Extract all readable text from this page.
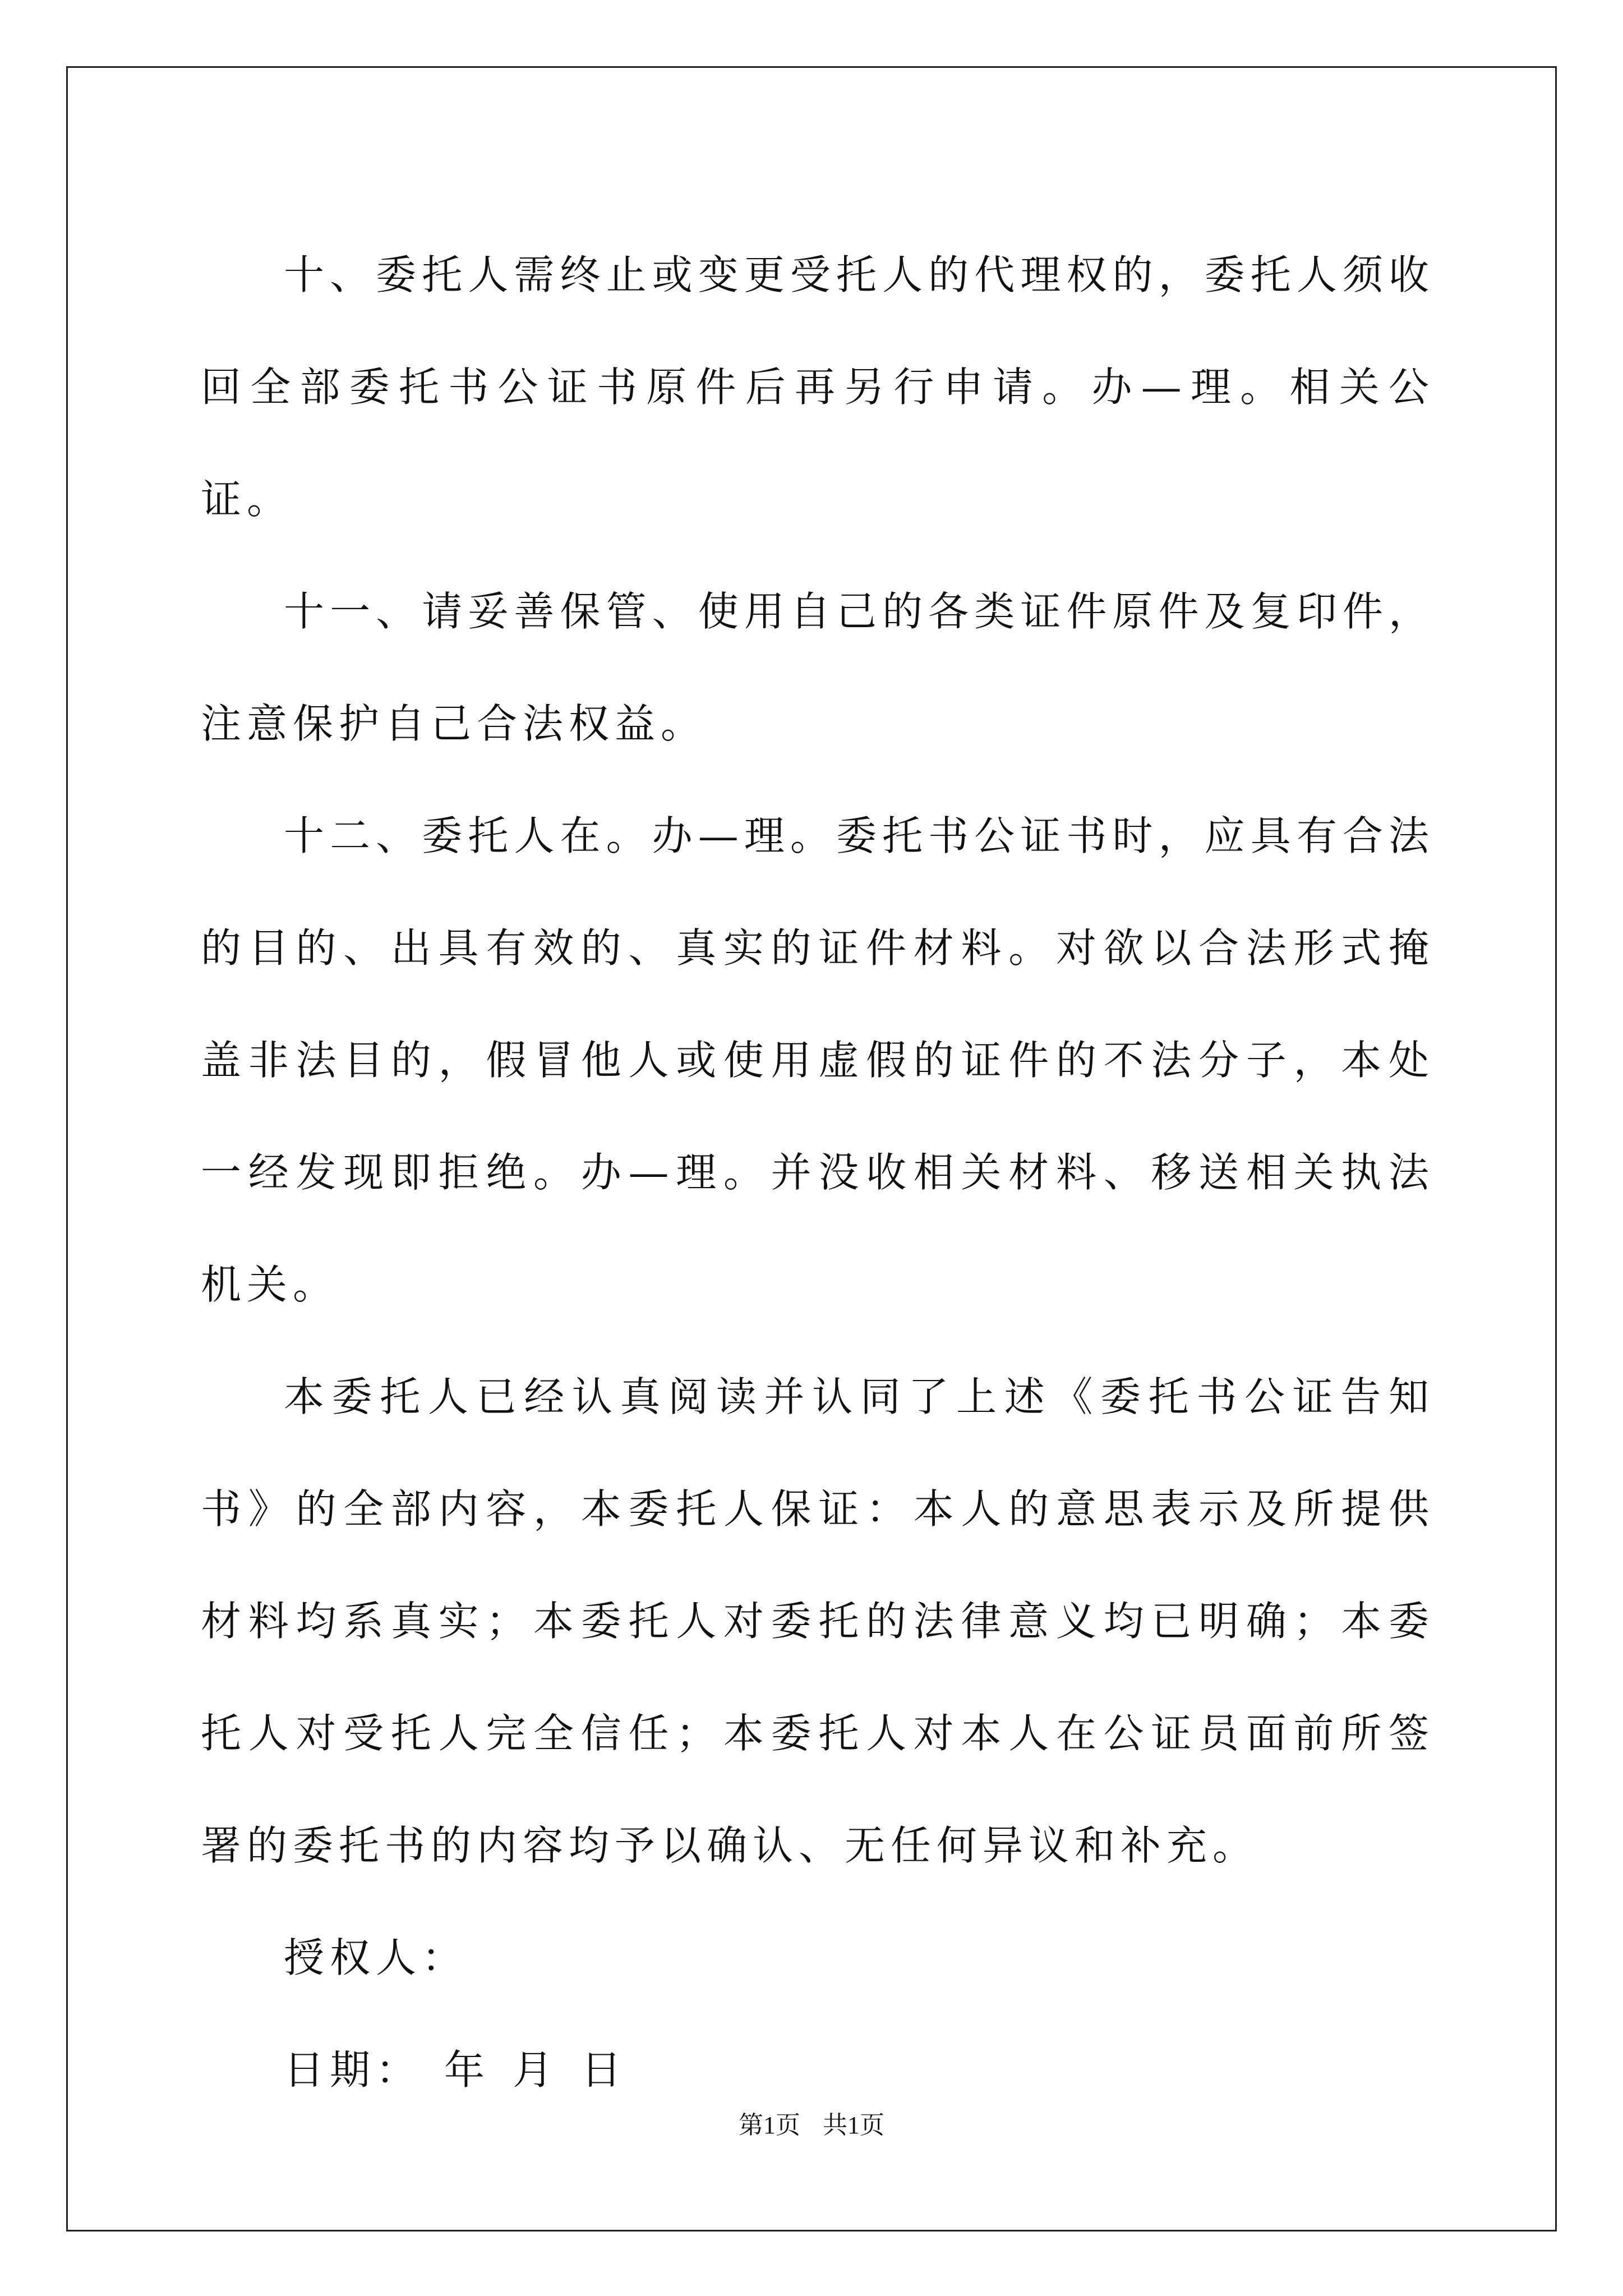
十、委托人需终止或变更受托人的代理权的，委托人须收回全部委托书公证书原件后再另行申请。办—理。相关公证。

十一、请妥善保管、使用自己的各类证件原件及复印件，注意保护自己合法权益。

十二、委托人在。办—理。委托书公证书时，应具有合法的目的、出具有效的、真实的证件材料。对欲以合法形式掩盖非法目的，假冒他人或使用虚假的证件的不法分子，本处一经发现即拒绝。办—理。并没收相关材料、移送相关执法机关。

本委托人已经认真阅读并认同了上述《委托书公证告知书》的全部内容，本委托人保证：本人的意思表示及所提供材料均系真实；本委托人对委托的法律意义均已明确；本委托人对受托人完全信任；本委托人对本人在公证员面前所签署的委托书的内容均予以确认、无任何异议和补充。

授权人：

日期： 年 月 日

第1页 共1页
